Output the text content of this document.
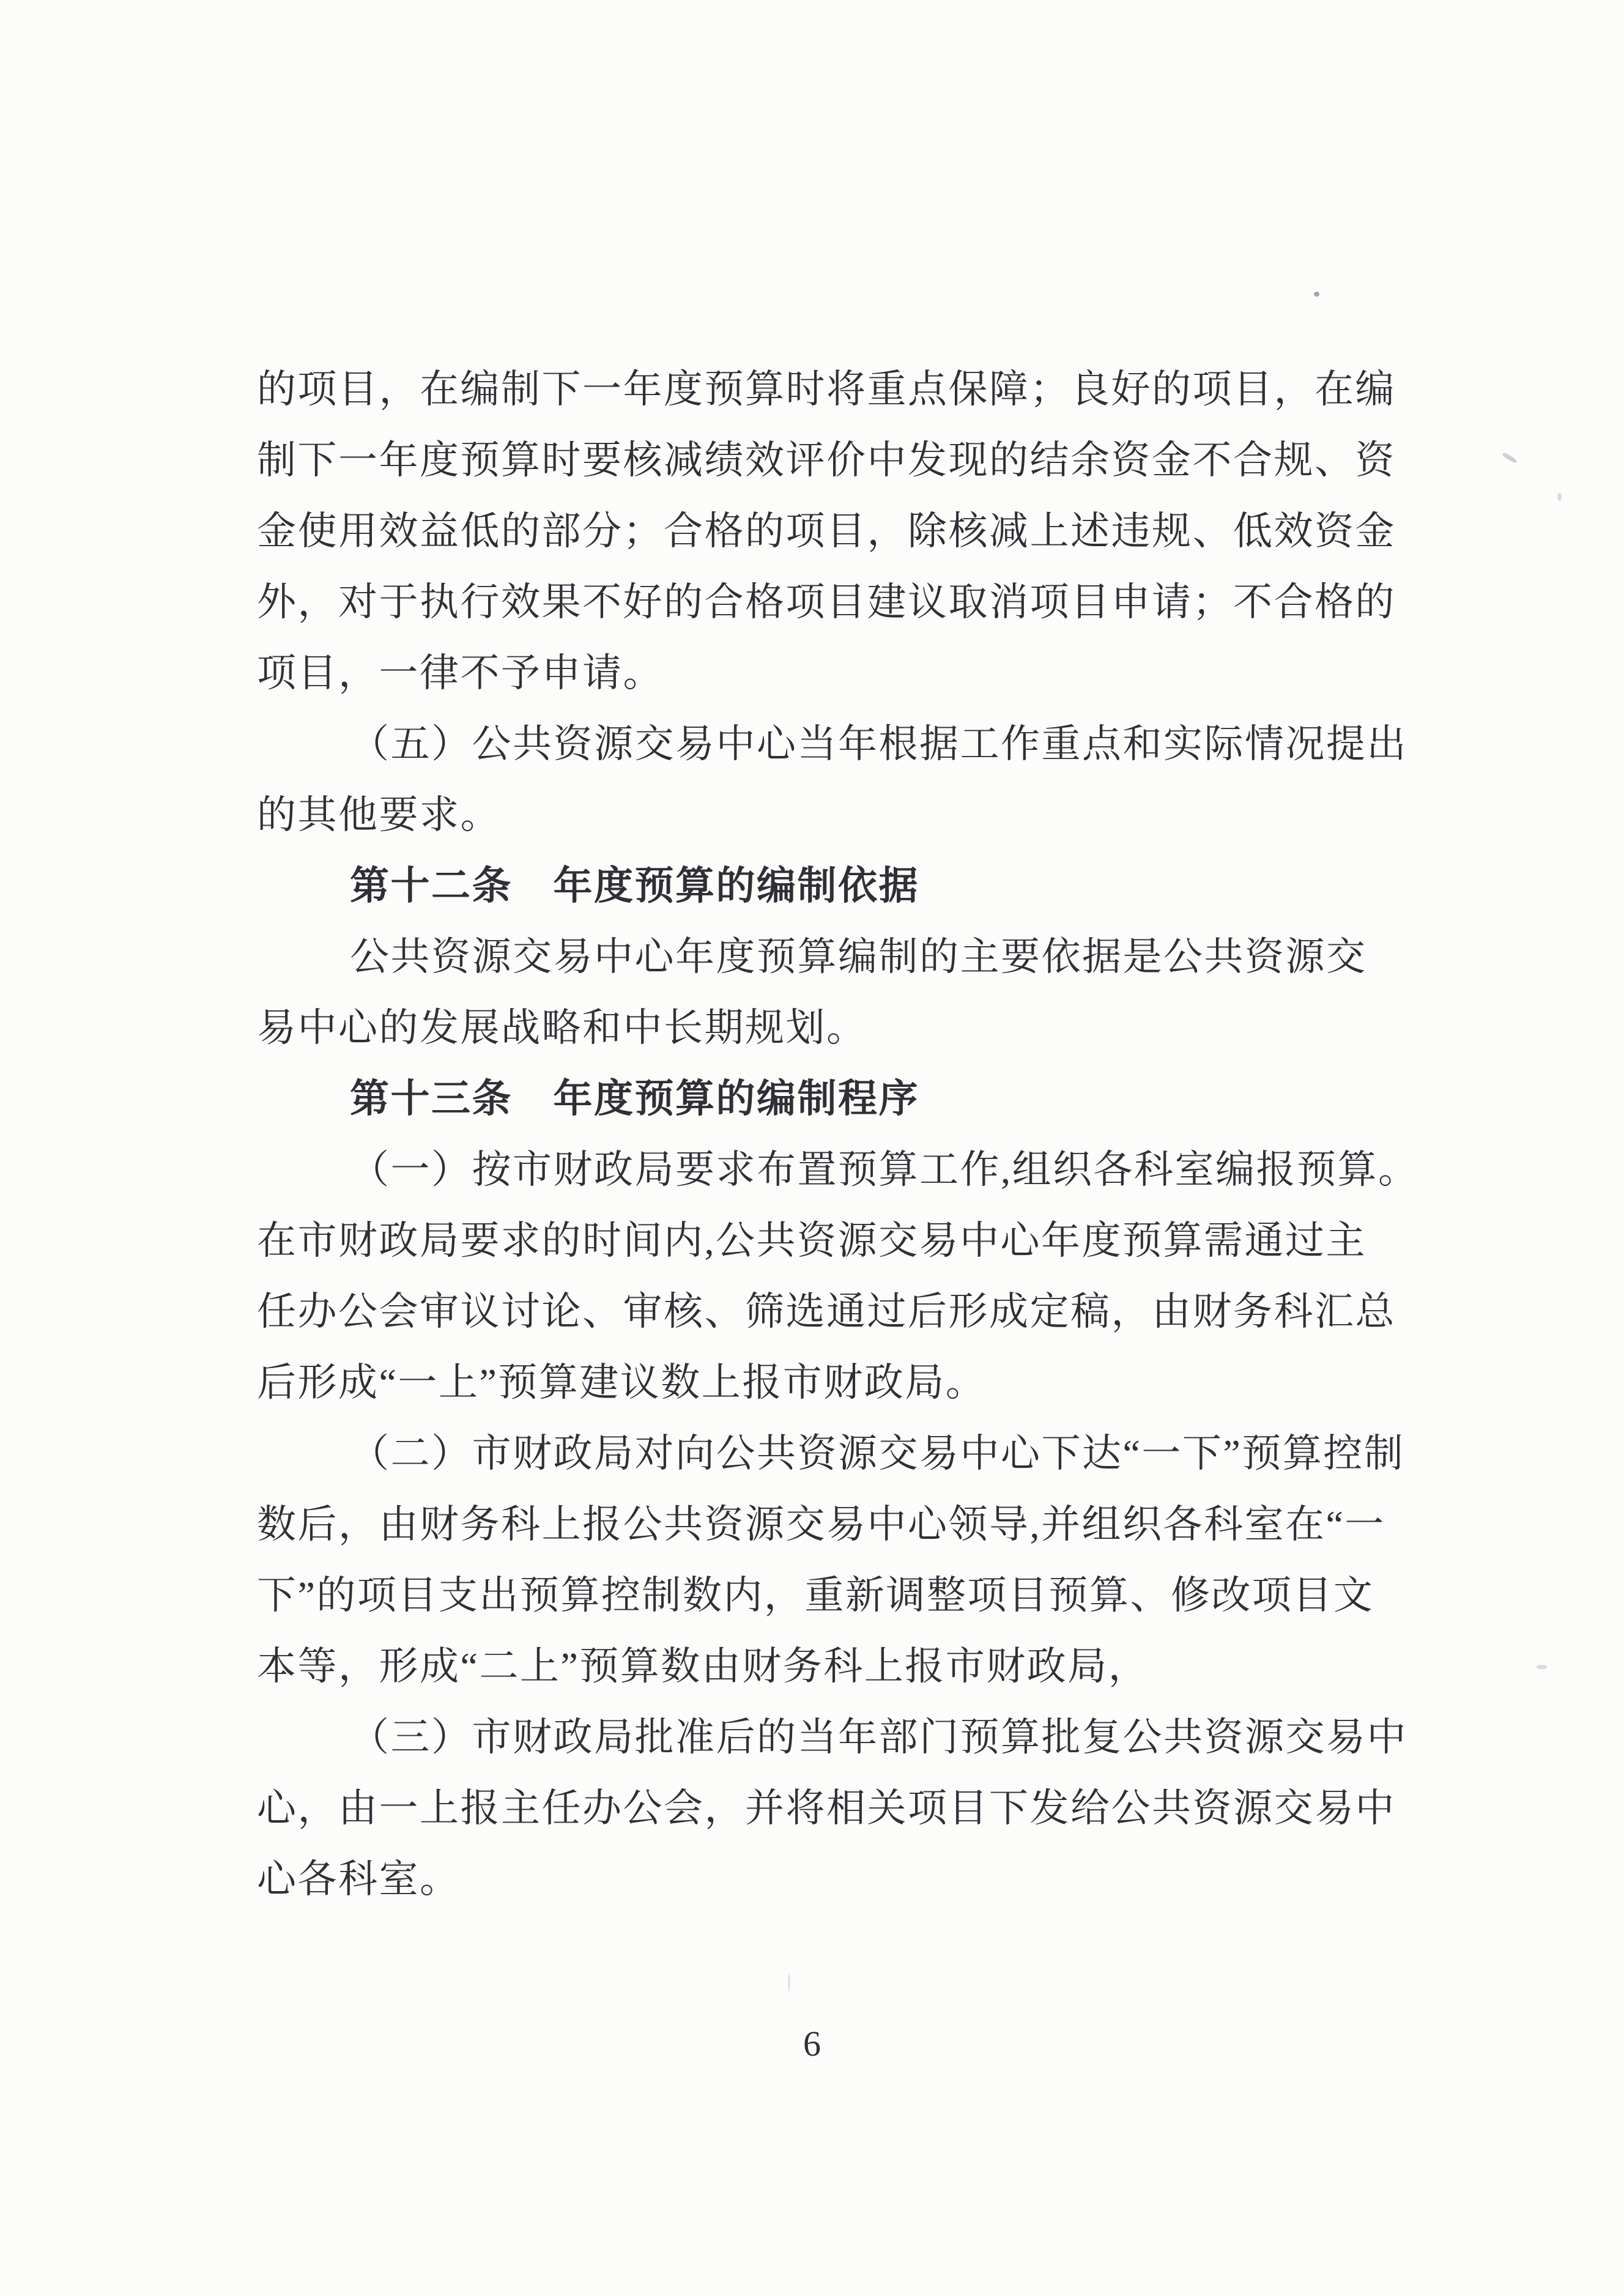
的项目，在编制下一年度预算时将重点保障；良好的项目，在编
制下一年度预算时要核减绩效评价中发现的结余资金不合规、资
金使用效益低的部分；合格的项目，除核减上述违规、低效资金
外，对于执行效果不好的合格项目建议取消项目申请；不合格的
项目，一律不予申请。
（五）公共资源交易中心当年根据工作重点和实际情况提出
的其他要求。
第十二条　年度预算的编制依据
公共资源交易中心年度预算编制的主要依据是公共资源交
易中心的发展战略和中长期规划。
第十三条　年度预算的编制程序
（一）按市财政局要求布置预算工作,组织各科室编报预算。
在市财政局要求的时间内,公共资源交易中心年度预算需通过主
任办公会审议讨论、审核、筛选通过后形成定稿，由财务科汇总
后形成“一上”预算建议数上报市财政局。
（二）市财政局对向公共资源交易中心下达“一下”预算控制
数后，由财务科上报公共资源交易中心领导,并组织各科室在“一
下”的项目支出预算控制数内，重新调整项目预算、修改项目文
本等，形成“二上”预算数由财务科上报市财政局，
（三）市财政局批准后的当年部门预算批复公共资源交易中
心，由一上报主任办公会，并将相关项目下发给公共资源交易中
心各科室。
6
